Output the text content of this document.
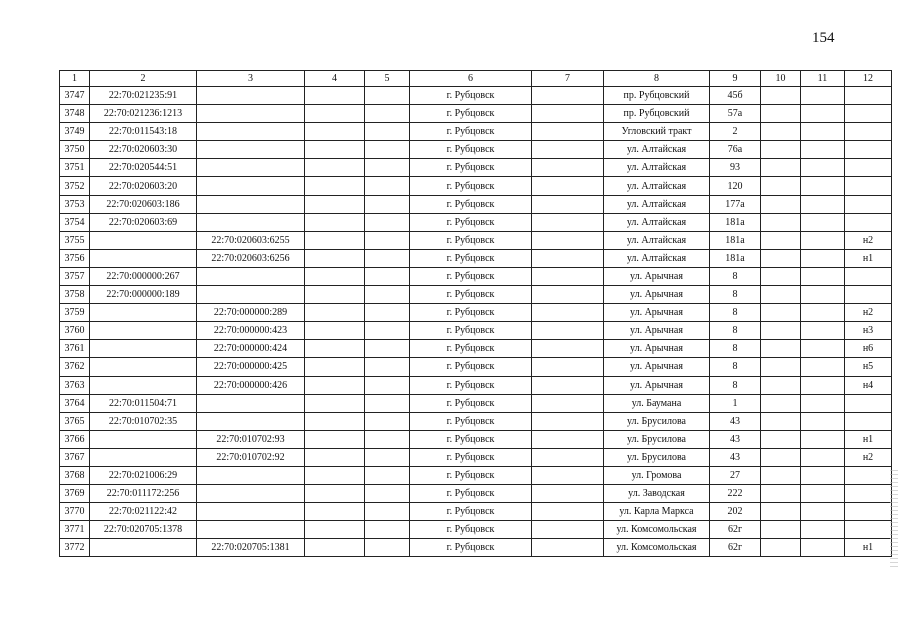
154
1	2	3	4	5	6	7	8	9	10	11	12
3747	22:70:021235:91				г. Рубцовск		пр. Рубцовский	45б			
3748	22:70:021236:1213				г. Рубцовск		пр. Рубцовский	57а			
3749	22:70:011543:18				г. Рубцовск		Угловский тракт	2			
3750	22:70:020603:30				г. Рубцовск		ул. Алтайская	76а			
3751	22:70:020544:51				г. Рубцовск		ул. Алтайская	93			
3752	22:70:020603:20				г. Рубцовск		ул. Алтайская	120			
3753	22:70:020603:186				г. Рубцовск		ул. Алтайская	177а			
3754	22:70:020603:69				г. Рубцовск		ул. Алтайская	181а			
3755		22:70:020603:6255			г. Рубцовск		ул. Алтайская	181а			н2
3756		22:70:020603:6256			г. Рубцовск		ул. Алтайская	181а			н1
3757	22:70:000000:267				г. Рубцовск		ул. Арычная	8			
3758	22:70:000000:189				г. Рубцовск		ул. Арычная	8			
3759		22:70:000000:289			г. Рубцовск		ул. Арычная	8			н2
3760		22:70:000000:423			г. Рубцовск		ул. Арычная	8			н3
3761		22:70:000000:424			г. Рубцовск		ул. Арычная	8			н6
3762		22:70:000000:425			г. Рубцовск		ул. Арычная	8			н5
3763		22:70:000000:426			г. Рубцовск		ул. Арычная	8			н4
3764	22:70:011504:71				г. Рубцовск		ул. Баумана	1			
3765	22:70:010702:35				г. Рубцовск		ул. Брусилова	43			
3766		22:70:010702:93			г. Рубцовск		ул. Брусилова	43			н1
3767		22:70:010702:92			г. Рубцовск		ул. Брусилова	43			н2
3768	22:70:021006:29				г. Рубцовск		ул. Громова	27			
3769	22:70:011172:256				г. Рубцовск		ул. Заводская	222			
3770	22:70:021122:42				г. Рубцовск		ул. Карла Маркса	202			
3771	22:70:020705:1378				г. Рубцовск		ул. Комсомольская	62г			
3772		22:70:020705:1381			г. Рубцовск		ул. Комсомольская	62г			н1
